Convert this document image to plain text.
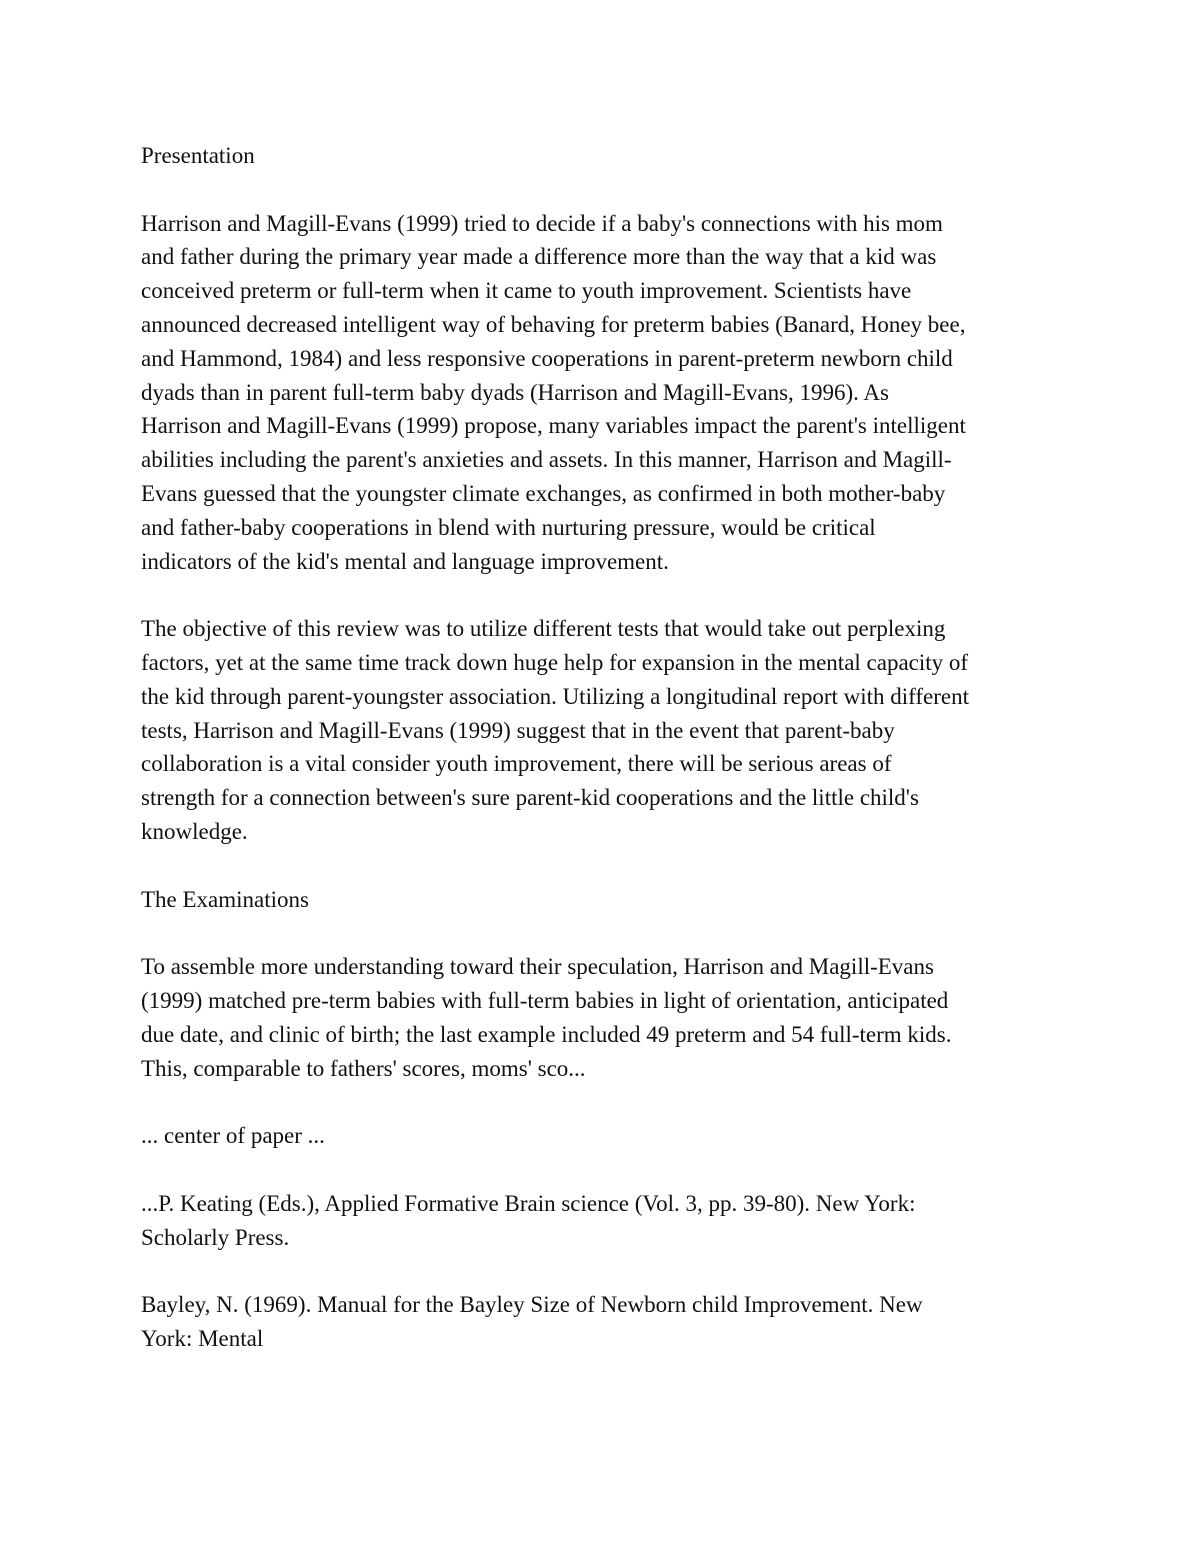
Presentation
Harrison and Magill-Evans (1999) tried to decide if a baby's connections with his mom
and father during the primary year made a difference more than the way that a kid was
conceived preterm or full-term when it came to youth improvement. Scientists have
announced decreased intelligent way of behaving for preterm babies (Banard, Honey bee,
and Hammond, 1984) and less responsive cooperations in parent-preterm newborn child
dyads than in parent full-term baby dyads (Harrison and Magill-Evans, 1996). As
Harrison and Magill-Evans (1999) propose, many variables impact the parent's intelligent
abilities including the parent's anxieties and assets. In this manner, Harrison and Magill-
Evans guessed that the youngster climate exchanges, as confirmed in both mother-baby
and father-baby cooperations in blend with nurturing pressure, would be critical
indicators of the kid's mental and language improvement.
The objective of this review was to utilize different tests that would take out perplexing
factors, yet at the same time track down huge help for expansion in the mental capacity of
the kid through parent-youngster association. Utilizing a longitudinal report with different
tests, Harrison and Magill-Evans (1999) suggest that in the event that parent-baby
collaboration is a vital consider youth improvement, there will be serious areas of
strength for a connection between's sure parent-kid cooperations and the little child's
knowledge.
The Examinations
To assemble more understanding toward their speculation, Harrison and Magill-Evans
(1999) matched pre-term babies with full-term babies in light of orientation, anticipated
due date, and clinic of birth; the last example included 49 preterm and 54 full-term kids.
This, comparable to fathers' scores, moms' sco...
... center of paper ...
...P. Keating (Eds.), Applied Formative Brain science (Vol. 3, pp. 39-80). New York:
Scholarly Press.
Bayley, N. (1969). Manual for the Bayley Size of Newborn child Improvement. New
York: Mental
